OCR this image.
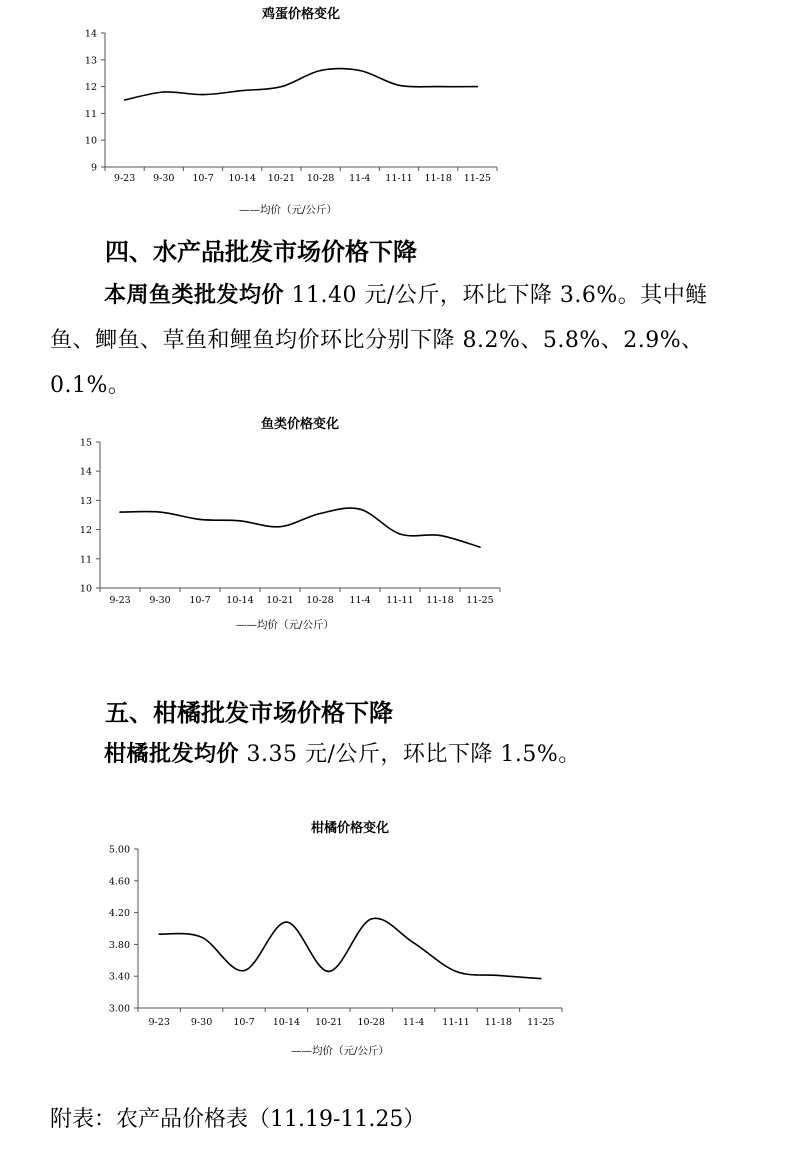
鸡蛋价格变化
9
10
11
12
13
14
9-23 9-30 10-7 10-14 10-21 10-28 11-4 11-11 11-18 11-25
——均价（元/公斤）
四、水产品批发市场价格下降

本周鱼类批发均价 11.40 元/公斤，环比下降 3.6%。其中鲢鱼、鲫鱼、草鱼和鲤鱼均价环比分别下降 8.2%、5.8%、2.9%、0.1%。

鱼类价格变化
10
11
12
13
14
15
9-23 9-30 10-7 10-14 10-21 10-28 11-4 11-11 11-18 11-25
——均价（元/公斤）
五、柑橘批发市场价格下降

柑橘批发均价 3.35 元/公斤，环比下降 1.5%。

柑橘价格变化
3.00
3.40
3.80
4.20
4.60
5.00
9-23 9-30 10-7 10-14 10-21 10-28 11-4 11-11 11-18 11-25
——均价（元/公斤）

附表：农产品价格表（11.19-11.25）
